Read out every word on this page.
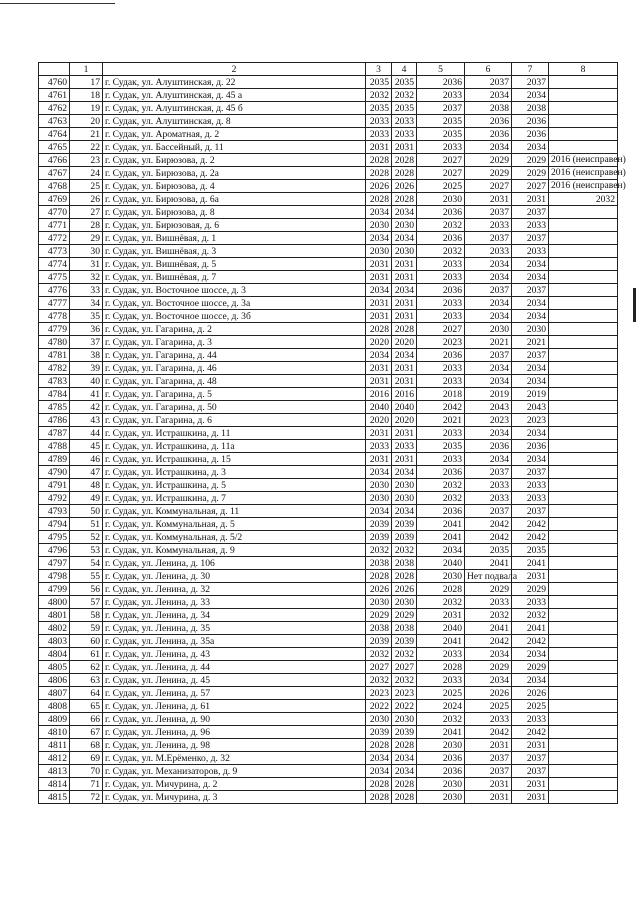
	1	2	3	4	5	6	7	8
4760	17	г. Судак, ул. Алуштинская, д. 22	2035	2035	2036	2037	2037	
4761	18	г. Судак, ул. Алуштинская, д. 45 а	2032	2032	2033	2034	2034	
4762	19	г. Судак, ул. Алуштинская, д. 45 б	2035	2035	2037	2038	2038	
4763	20	г. Судак, ул. Алуштинская, д. 8	2033	2033	2035	2036	2036	
4764	21	г. Судак, ул. Ароматная, д. 2	2033	2033	2035	2036	2036	
4765	22	г. Судак, ул. Бассейный, д. 11	2031	2031	2033	2034	2034	
4766	23	г. Судак, ул. Бирюзова, д. 2	2028	2028	2027	2029	2029	2016 (неисправен)
4767	24	г. Судак, ул. Бирюзова, д. 2а	2028	2028	2027	2029	2029	2016 (неисправен)
4768	25	г. Судак, ул. Бирюзова, д. 4	2026	2026	2025	2027	2027	2016 (неисправен)
4769	26	г. Судак, ул. Бирюзова, д. 6а	2028	2028	2030	2031	2031	2032
4770	27	г. Судак, ул. Бирюзова, д. 8	2034	2034	2036	2037	2037	
4771	28	г. Судак, ул. Бирюзовая, д. 6	2030	2030	2032	2033	2033	
4772	29	г. Судак, ул. Вишнёвая, д. 1	2034	2034	2036	2037	2037	
4773	30	г. Судак, ул. Вишнёвая, д. 3	2030	2030	2032	2033	2033	
4774	31	г. Судак, ул. Вишнёвая, д. 5	2031	2031	2033	2034	2034	
4775	32	г. Судак, ул. Вишнёвая, д. 7	2031	2031	2033	2034	2034	
4776	33	г. Судак, ул. Восточное шоссе, д. 3	2034	2034	2036	2037	2037	
4777	34	г. Судак, ул. Восточное шоссе, д. 3а	2031	2031	2033	2034	2034	
4778	35	г. Судак, ул. Восточное шоссе, д. 3б	2031	2031	2033	2034	2034	
4779	36	г. Судак, ул. Гагарина, д. 2	2028	2028	2027	2030	2030	
4780	37	г. Судак, ул. Гагарина, д. 3	2020	2020	2023	2021	2021	
4781	38	г. Судак, ул. Гагарина, д. 44	2034	2034	2036	2037	2037	
4782	39	г. Судак, ул. Гагарина, д. 46	2031	2031	2033	2034	2034	
4783	40	г. Судак, ул. Гагарина, д. 48	2031	2031	2033	2034	2034	
4784	41	г. Судак, ул. Гагарина, д. 5	2016	2016	2018	2019	2019	
4785	42	г. Судак, ул. Гагарина, д. 50	2040	2040	2042	2043	2043	
4786	43	г. Судак, ул. Гагарина, д. 6	2020	2020	2021	2023	2023	
4787	44	г. Судак, ул. Истрашкина, д. 11	2031	2031	2033	2034	2034	
4788	45	г. Судак, ул. Истрашкина, д. 11а	2033	2033	2035	2036	2036	
4789	46	г. Судак, ул. Истрашкина, д. 15	2031	2031	2033	2034	2034	
4790	47	г. Судак, ул. Истрашкина, д. 3	2034	2034	2036	2037	2037	
4791	48	г. Судак, ул. Истрашкина, д. 5	2030	2030	2032	2033	2033	
4792	49	г. Судак, ул. Истрашкина, д. 7	2030	2030	2032	2033	2033	
4793	50	г. Судак, ул. Коммунальная, д. 11	2034	2034	2036	2037	2037	
4794	51	г. Судак, ул. Коммунальная, д. 5	2039	2039	2041	2042	2042	
4795	52	г. Судак, ул. Коммунальная, д. 5/2	2039	2039	2041	2042	2042	
4796	53	г. Судак, ул. Коммунальная, д. 9	2032	2032	2034	2035	2035	
4797	54	г. Судак, ул. Ленина, д. 106	2038	2038	2040	2041	2041	
4798	55	г. Судак, ул. Ленина, д. 30	2028	2028	2030	Нет подвала	2031	
4799	56	г. Судак, ул. Ленина, д. 32	2026	2026	2028	2029	2029	
4800	57	г. Судак, ул. Ленина, д. 33	2030	2030	2032	2033	2033	
4801	58	г. Судак, ул. Ленина, д. 34	2029	2029	2031	2032	2032	
4802	59	г. Судак, ул. Ленина, д. 35	2038	2038	2040	2041	2041	
4803	60	г. Судак, ул. Ленина, д. 35а	2039	2039	2041	2042	2042	
4804	61	г. Судак, ул. Ленина, д. 43	2032	2032	2033	2034	2034	
4805	62	г. Судак, ул. Ленина, д. 44	2027	2027	2028	2029	2029	
4806	63	г. Судак, ул. Ленина, д. 45	2032	2032	2033	2034	2034	
4807	64	г. Судак, ул. Ленина, д. 57	2023	2023	2025	2026	2026	
4808	65	г. Судак, ул. Ленина, д. 61	2022	2022	2024	2025	2025	
4809	66	г. Судак, ул. Ленина, д. 90	2030	2030	2032	2033	2033	
4810	67	г. Судак, ул. Ленина, д. 96	2039	2039	2041	2042	2042	
4811	68	г. Судак, ул. Ленина, д. 98	2028	2028	2030	2031	2031	
4812	69	г. Судак, ул. М.Ерёменко, д. 32	2034	2034	2036	2037	2037	
4813	70	г. Судак, ул. Механизаторов, д. 9	2034	2034	2036	2037	2037	
4814	71	г. Судак, ул. Мичурина, д. 2	2028	2028	2030	2031	2031	
4815	72	г. Судак, ул. Мичурина, д. 3	2028	2028	2030	2031	2031	
